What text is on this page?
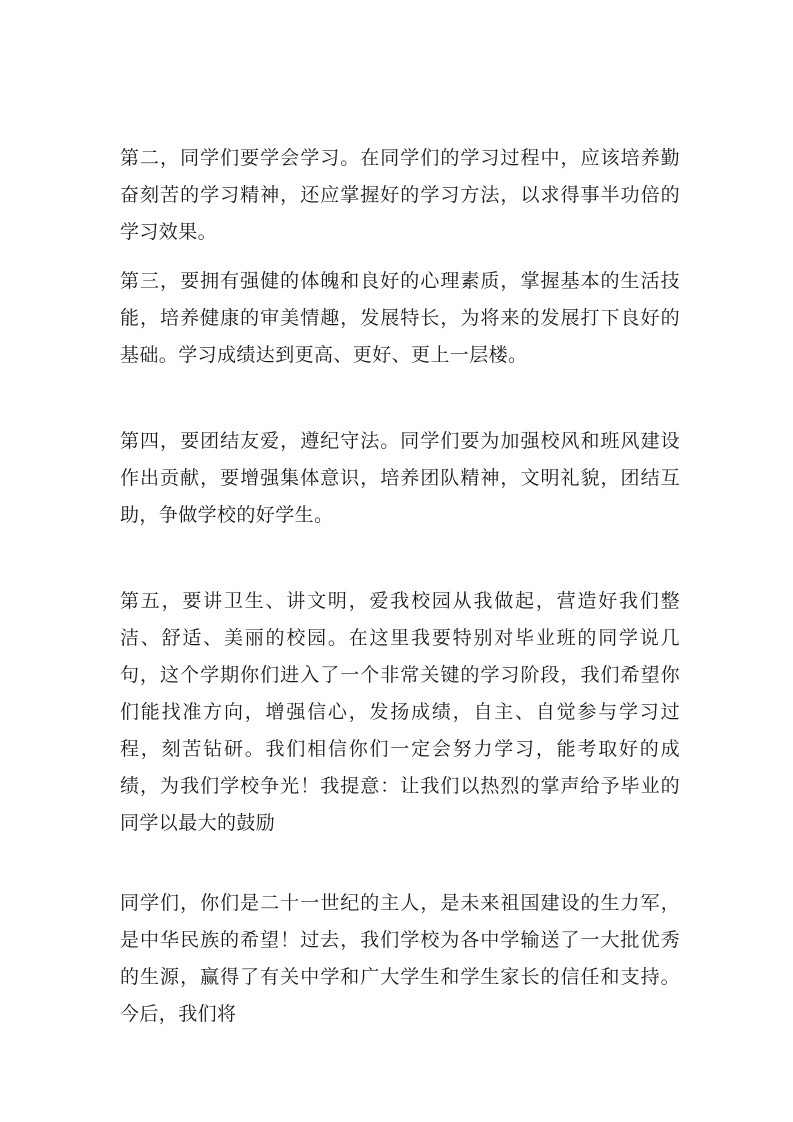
第二，同学们要学会学习。在同学们的学习过程中，应该培养勤奋刻苦的学习精神，还应掌握好的学习方法，以求得事半功倍的学习效果。

第三，要拥有强健的体魄和良好的心理素质，掌握基本的生活技能，培养健康的审美情趣，发展特长，为将来的发展打下良好的基础。学习成绩达到更高、更好、更上一层楼。

第四，要团结友爱，遵纪守法。同学们要为加强校风和班风建设作出贡献，要增强集体意识，培养团队精神，文明礼貌，团结互助，争做学校的好学生。

第五，要讲卫生、讲文明，爱我校园从我做起，营造好我们整洁、舒适、美丽的校园。在这里我要特别对毕业班的同学说几句，这个学期你们进入了一个非常关键的学习阶段，我们希望你们能找准方向，增强信心，发扬成绩，自主、自觉参与学习过程，刻苦钻研。我们相信你们一定会努力学习，能考取好的成绩，为我们学校争光！我提意：让我们以热烈的掌声给予毕业的同学以最大的鼓励

同学们，你们是二十一世纪的主人，是未来祖国建设的生力军，是中华民族的希望！过去，我们学校为各中学输送了一大批优秀的生源，赢得了有关中学和广大学生和学生家长的信任和支持。今后，我们将
